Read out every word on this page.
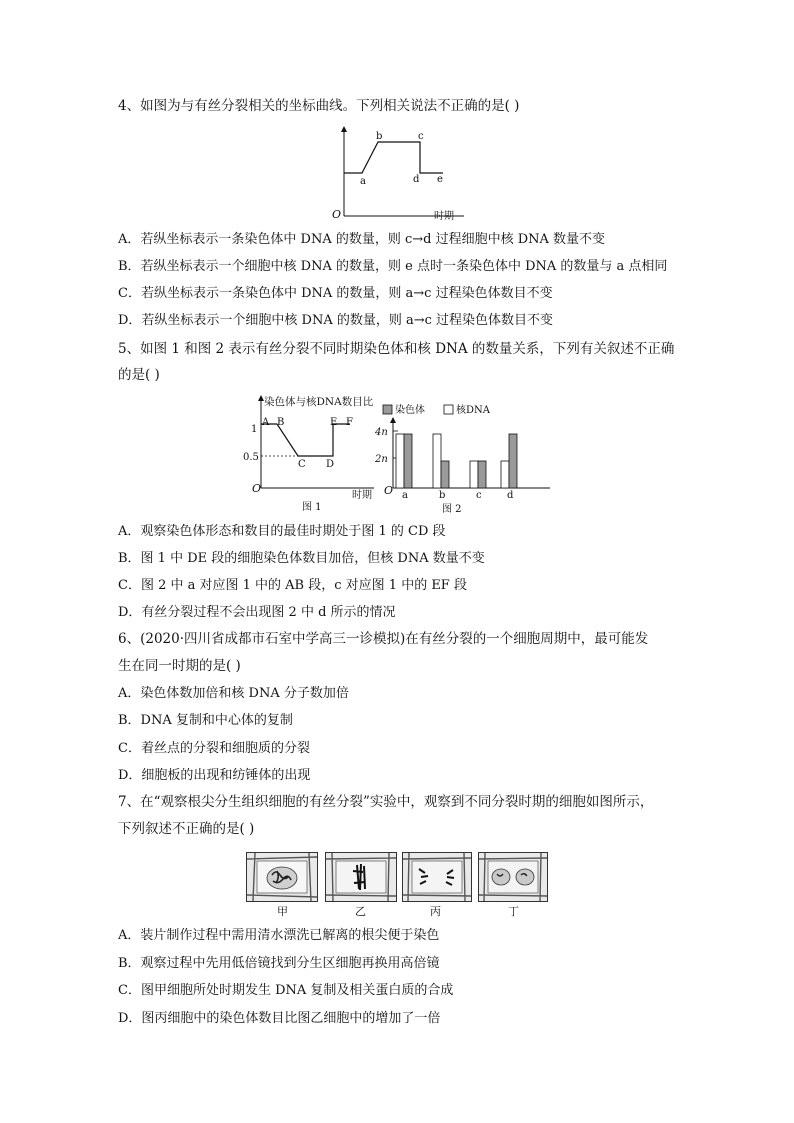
4、如图为与有丝分裂相关的坐标曲线。下列相关说法不正确的是( )
O
a
b	c
d e
时期
A．若纵坐标表示一条染色体中 DNA 的数量，则 c→d 过程细胞中核 DNA 数量不变
B．若纵坐标表示一个细胞中核 DNA 的数量，则 e 点时一条染色体中 DNA 的数量与 a 点相同
C．若纵坐标表示一条染色体中 DNA 的数量，则 a→c 过程染色体数目不变
D．若纵坐标表示一个细胞中核 DNA 的数量，则 a→c 过程染色体数目不变
5、如图 1 和图 2 表示有丝分裂不同时期染色体和核 DNA 的数量关系，下列有关叙述不正确
的是( )
染色体与核DNA数目比
1
0.5
A B
C D
E F
O
时期
图 1
染色体	核DNA
4n
2n
a	b	c	d
O
图 2
A．观察染色体形态和数目的最佳时期处于图 1 的 CD 段
B．图 1 中 DE 段的细胞染色体数目加倍，但核 DNA 数量不变
C．图 2 中 a 对应图 1 中的 AB 段，c 对应图 1 中的 EF 段
D．有丝分裂过程不会出现图 2 中 d 所示的情况
6、(2020·四川省成都市石室中学高三一诊模拟)在有丝分裂的一个细胞周期中，最可能发
生在同一时期的是( )
A．染色体数加倍和核 DNA 分子数加倍
B．DNA 复制和中心体的复制
C．着丝点的分裂和细胞质的分裂
D．细胞板的出现和纺锤体的出现
7、在“观察根尖分生组织细胞的有丝分裂”实验中，观察到不同分裂时期的细胞如图所示，
下列叙述不正确的是( )
甲	乙	丙	丁
A．装片制作过程中需用清水漂洗已解离的根尖便于染色
B．观察过程中先用低倍镜找到分生区细胞再换用高倍镜
C．图甲细胞所处时期发生 DNA 复制及相关蛋白质的合成
D．图丙细胞中的染色体数目比图乙细胞中的增加了一倍
